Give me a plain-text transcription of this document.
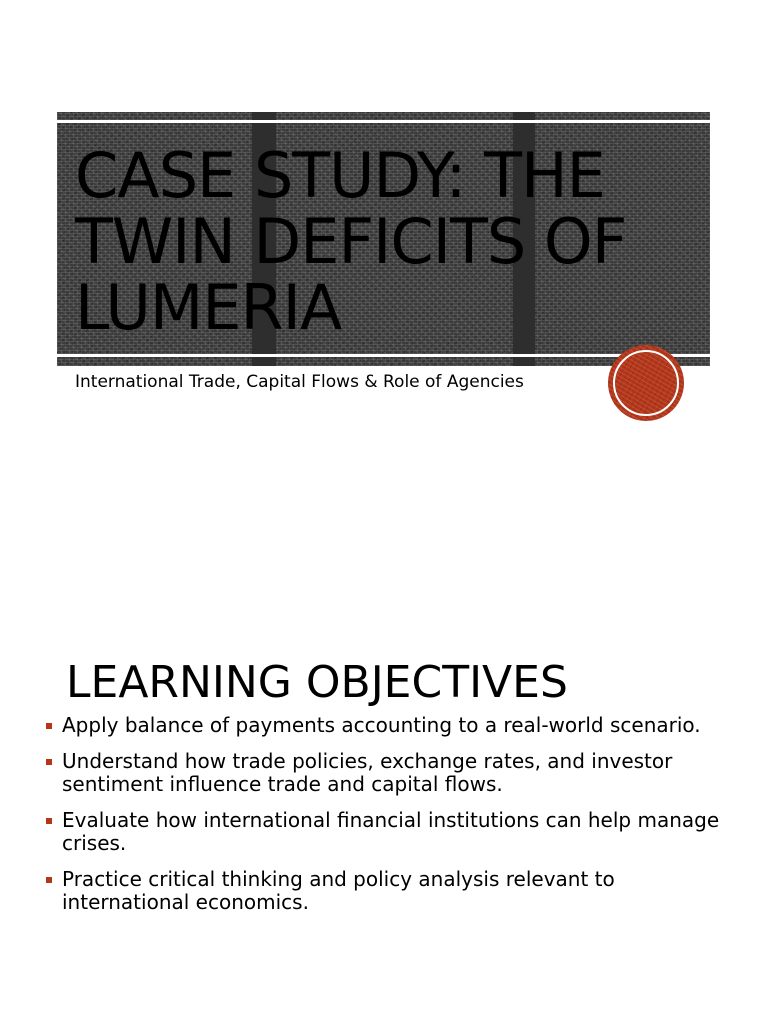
CASE STUDY: THE TWIN DEFICITS OF LUMERIA

International Trade, Capital Flows & Role of Agencies

LEARNING OBJECTIVES
Apply balance of payments accounting to a real-world scenario.
Understand how trade policies, exchange rates, and investor sentiment influence trade and capital flows.
Evaluate how international financial institutions can help manage crises.
Practice critical thinking and policy analysis relevant to international economics.
